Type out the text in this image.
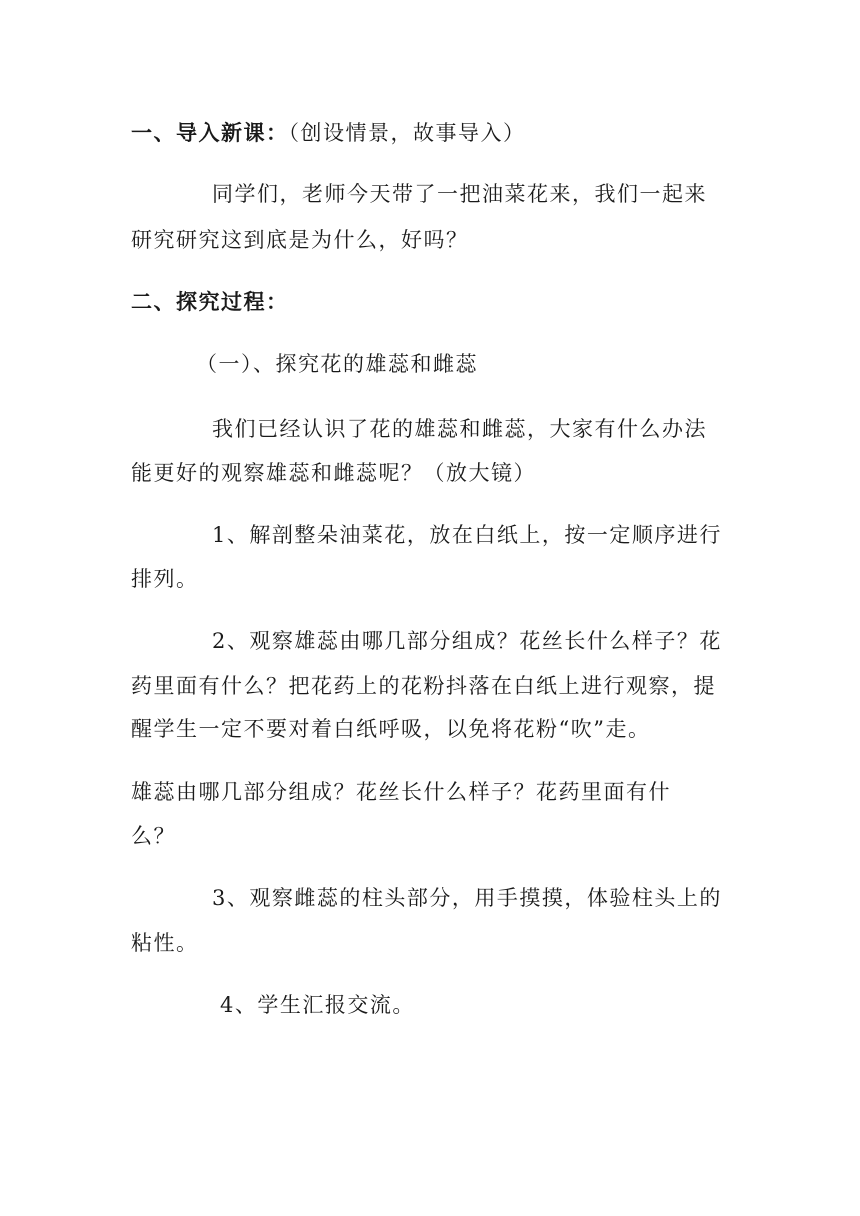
一、导入新课：（创设情景，故事导入）
同学们，老师今天带了一把油菜花来，我们一起来
研究研究这到底是为什么，好吗？
二、探究过程：
（一）、探究花的雄蕊和雌蕊
我们已经认识了花的雄蕊和雌蕊，大家有什么办法
能更好的观察雄蕊和雌蕊呢？（放大镜）
1、解剖整朵油菜花，放在白纸上，按一定顺序进行
排列。
2、观察雄蕊由哪几部分组成？花丝长什么样子？花
药里面有什么？把花药上的花粉抖落在白纸上进行观察，提
醒学生一定不要对着白纸呼吸，以免将花粉“吹”走。
雄蕊由哪几部分组成？花丝长什么样子？花药里面有什
么？
3、观察雌蕊的柱头部分，用手摸摸，体验柱头上的
粘性。
4、学生汇报交流。
